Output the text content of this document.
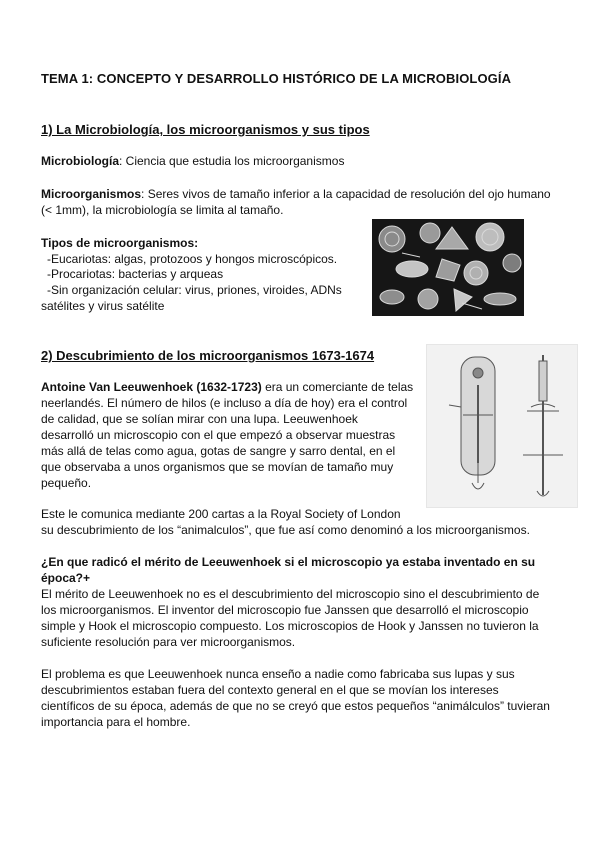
TEMA 1: CONCEPTO Y DESARROLLO HISTÓRICO DE LA MICROBIOLOGÍA
1) La Microbiología, los microorganismos y sus tipos

Microbiología: Ciencia que estudia los microorganismos

Microorganismos: Seres vivos de tamaño inferior a la capacidad de resolución del ojo humano

(< 1mm), la microbiología se limita al tamaño.

Tipos de microorganismos:

-Eucariotas: algas, protozoos y hongos microscópicos.

-Procariotas: bacterias y arqueas

-Sin organización celular: virus, priones, viroides, ADNs

satélites y virus satélite

2) Descubrimiento de los microorganismos 1673-1674

Antoine Van Leeuwenhoek (1632-1723) era un comerciante de telas

neerlandés. El número de hilos (e incluso a día de hoy) era el control

de calidad, que se solían mirar con una lupa. Leeuwenhoek

desarrolló un microscopio con el que empezó a observar muestras

más allá de telas como agua, gotas de sangre y sarro dental, en el

que observaba a unos organismos que se movían de tamaño muy

pequeño.

Este le comunica mediante 200 cartas a la Royal Society of London

su descubrimiento de los “animalculos”, que fue así como denominó a los microorganismos.

¿En que radicó el mérito de Leeuwenhoek si el microscopio ya estaba inventado en su

época?+

El mérito de Leeuwenhoek no es el descubrimiento del microscopio sino el descubrimiento de

los microorganismos. El inventor del microscopio fue Janssen que desarrolló el microscopio

simple y Hook el microscopio compuesto. Los microscopios de Hook y Janssen no tuvieron la

suficiente resolución para ver microorganismos.

El problema es que Leeuwenhoek nunca enseño a nadie como fabricaba sus lupas y sus

descubrimientos estaban fuera del contexto general en el que se movían los intereses

científicos de su época, además de que no se creyó que estos pequeños “animálculos” tuvieran

importancia para el hombre.
